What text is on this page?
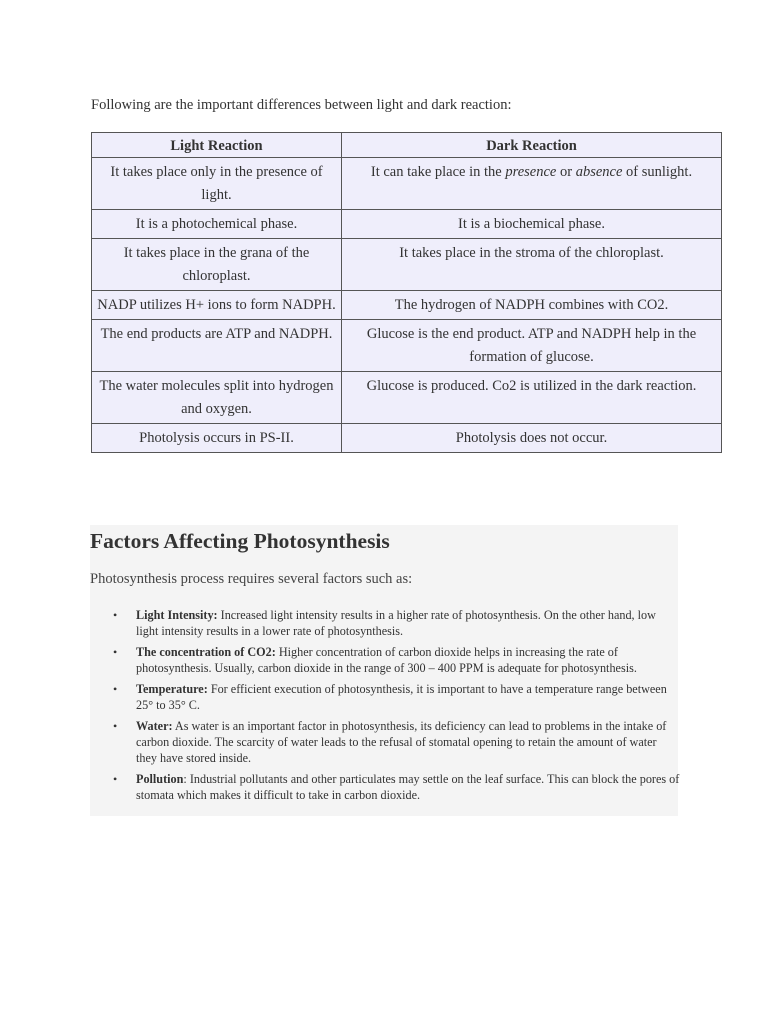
Following are the important differences between light and dark reaction:
Light Reaction	Dark Reaction
It takes place only in the presence of light.	It can take place in the presence or absence of sunlight.
It is a photochemical phase.	It is a biochemical phase.
It takes place in the grana of the chloroplast.	It takes place in the stroma of the chloroplast.
NADP utilizes H+ ions to form NADPH.	The hydrogen of NADPH combines with CO2.
The end products are ATP and NADPH.	Glucose is the end product. ATP and NADPH help in the formation of glucose.
The water molecules split into hydrogen and oxygen.	Glucose is produced. Co2 is utilized in the dark reaction.
Photolysis occurs in PS-II.	Photolysis does not occur.
Factors Affecting Photosynthesis
Photosynthesis process requires several factors such as:
• Light Intensity: Increased light intensity results in a higher rate of photosynthesis. On the other hand, low light intensity results in a lower rate of photosynthesis.
• The concentration of CO2: Higher concentration of carbon dioxide helps in increasing the rate of photosynthesis. Usually, carbon dioxide in the range of 300 – 400 PPM is adequate for photosynthesis.
• Temperature: For efficient execution of photosynthesis, it is important to have a temperature range between 25° to 35° C.
• Water: As water is an important factor in photosynthesis, its deficiency can lead to problems in the intake of carbon dioxide. The scarcity of water leads to the refusal of stomatal opening to retain the amount of water they have stored inside.
• Pollution: Industrial pollutants and other particulates may settle on the leaf surface. This can block the pores of stomata which makes it difficult to take in carbon dioxide.
